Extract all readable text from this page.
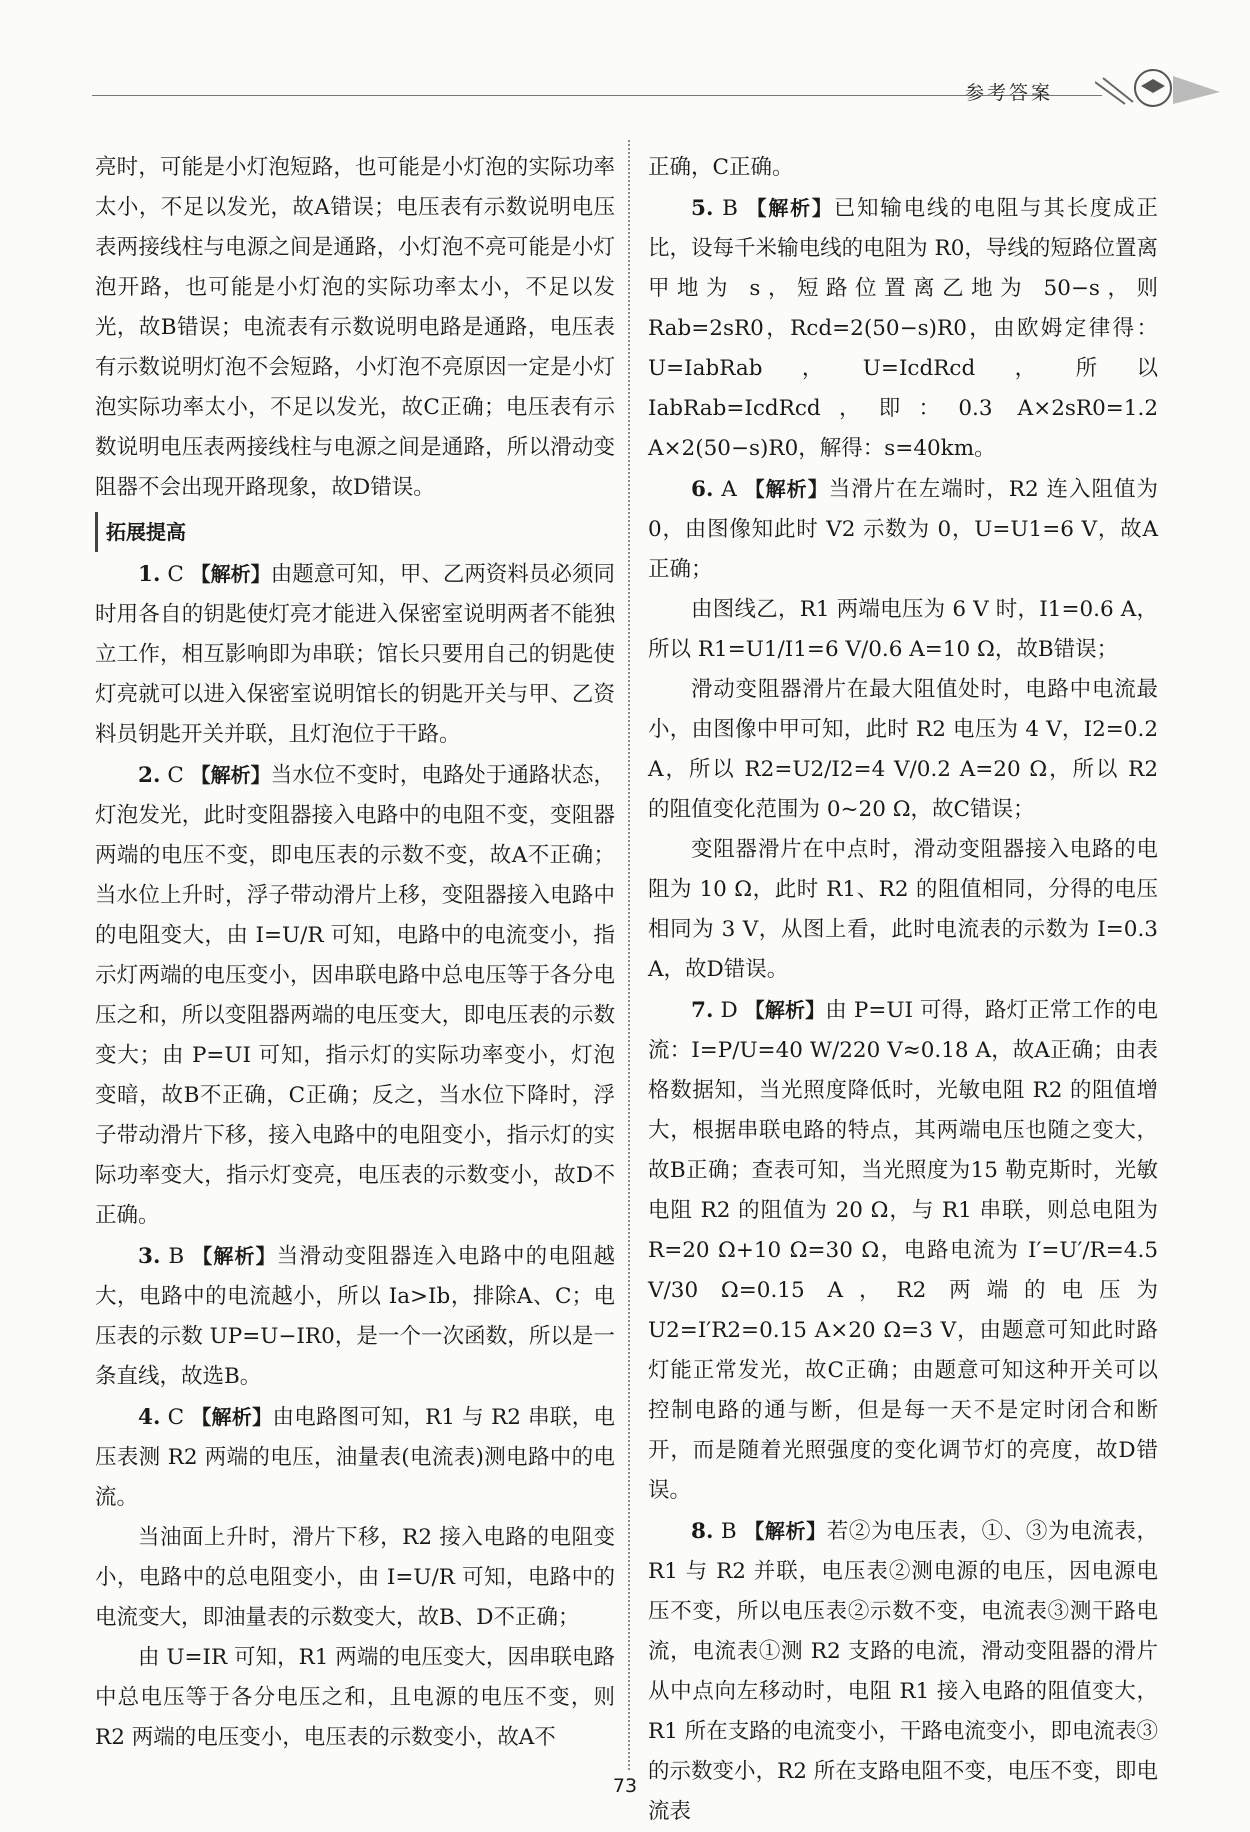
参考答案

亮时，可能是小灯泡短路，也可能是小灯泡的实际功率太小，不足以发光，故A错误；电压表有示数说明电压表两接线柱与电源之间是通路，小灯泡不亮可能是小灯泡开路，也可能是小灯泡的实际功率太小，不足以发光，故B错误；电流表有示数说明电路是通路，电压表有示数说明灯泡不会短路，小灯泡不亮原因一定是小灯泡实际功率太小，不足以发光，故C正确；电压表有示数说明电压表两接线柱与电源之间是通路，所以滑动变阻器不会出现开路现象，故D错误。

拓展提高

1. C 【解析】由题意可知，甲、乙两资料员必须同时用各自的钥匙使灯亮才能进入保密室说明两者不能独立工作，相互影响即为串联；馆长只要用自己的钥匙使灯亮就可以进入保密室说明馆长的钥匙开关与甲、乙资料员钥匙开关并联，且灯泡位于干路。

2. C 【解析】当水位不变时，电路处于通路状态，灯泡发光，此时变阻器接入电路中的电阻不变，变阻器两端的电压不变，即电压表的示数不变，故A不正确；当水位上升时，浮子带动滑片上移，变阻器接入电路中的电阻变大，由 I=U/R 可知，电路中的电流变小，指示灯两端的电压变小，因串联电路中总电压等于各分电压之和，所以变阻器两端的电压变大，即电压表的示数变大；由 P=UI 可知，指示灯的实际功率变小，灯泡变暗，故B不正确，C正确；反之，当水位下降时，浮子带动滑片下移，接入电路中的电阻变小，指示灯的实际功率变大，指示灯变亮，电压表的示数变小，故D不正确。

3. B 【解析】当滑动变阻器连入电路中的电阻越大，电路中的电流越小，所以 Ia>Ib，排除A、C；电压表的示数 UP=U−IR0，是一个一次函数，所以是一条直线，故选B。

4. C 【解析】由电路图可知，R1 与 R2 串联，电压表测 R2 两端的电压，油量表(电流表)测电路中的电流。

当油面上升时，滑片下移，R2 接入电路的电阻变小，电路中的总电阻变小，由 I=U/R 可知，电路中的电流变大，即油量表的示数变大，故B、D不正确；

由 U=IR 可知，R1 两端的电压变大，因串联电路中总电压等于各分电压之和，且电源的电压不变，则 R2 两端的电压变小，电压表的示数变小，故A不

正确，C正确。

5. B 【解析】已知输电线的电阻与其长度成正比，设每千米输电线的电阻为 R0，导线的短路位置离甲地为 s，短路位置离乙地为 50−s，则 Rab=2sR0，Rcd=2(50−s)R0，由欧姆定律得：U=IabRab，U=IcdRcd，所以 IabRab=IcdRcd，即：0.3 A×2sR0=1.2 A×2(50−s)R0，解得：s=40km。

6. A 【解析】当滑片在左端时，R2 连入阻值为0，由图像知此时 V2 示数为 0，U=U1=6 V，故A正确；

由图线乙，R1 两端电压为 6 V 时，I1=0.6 A，所以 R1=U1/I1=6 V/0.6 A=10 Ω，故B错误；

滑动变阻器滑片在最大阻值处时，电路中电流最小，由图像中甲可知，此时 R2 电压为 4 V，I2=0.2 A，所以 R2=U2/I2=4 V/0.2 A=20 Ω，所以 R2 的阻值变化范围为 0~20 Ω，故C错误；

变阻器滑片在中点时，滑动变阻器接入电路的电阻为 10 Ω，此时 R1、R2 的阻值相同，分得的电压相同为 3 V，从图上看，此时电流表的示数为 I=0.3 A，故D错误。

7. D 【解析】由 P=UI 可得，路灯正常工作的电流：I=P/U=40 W/220 V≈0.18 A，故A正确；由表格数据知，当光照度降低时，光敏电阻 R2 的阻值增大，根据串联电路的特点，其两端电压也随之变大，故B正确；查表可知，当光照度为15 勒克斯时，光敏电阻 R2 的阻值为 20 Ω，与 R1 串联，则总电阻为 R=20 Ω+10 Ω=30 Ω，电路电流为 I′=U′/R=4.5 V/30 Ω=0.15 A，R2 两端的电压为 U2=I′R2=0.15 A×20 Ω=3 V，由题意可知此时路灯能正常发光，故C正确；由题意可知这种开关可以控制电路的通与断，但是每一天不是定时闭合和断开，而是随着光照强度的变化调节灯的亮度，故D错误。

8. B 【解析】若②为电压表，①、③为电流表，R1 与 R2 并联，电压表②测电源的电压，因电源电压不变，所以电压表②示数不变，电流表③测干路电流，电流表①测 R2 支路的电流，滑动变阻器的滑片从中点向左移动时，电阻 R1 接入电路的阻值变大，R1 所在支路的电流变小，干路电流变小，即电流表③的示数变小，R2 所在支路电阻不变，电压不变，即电流表

73
